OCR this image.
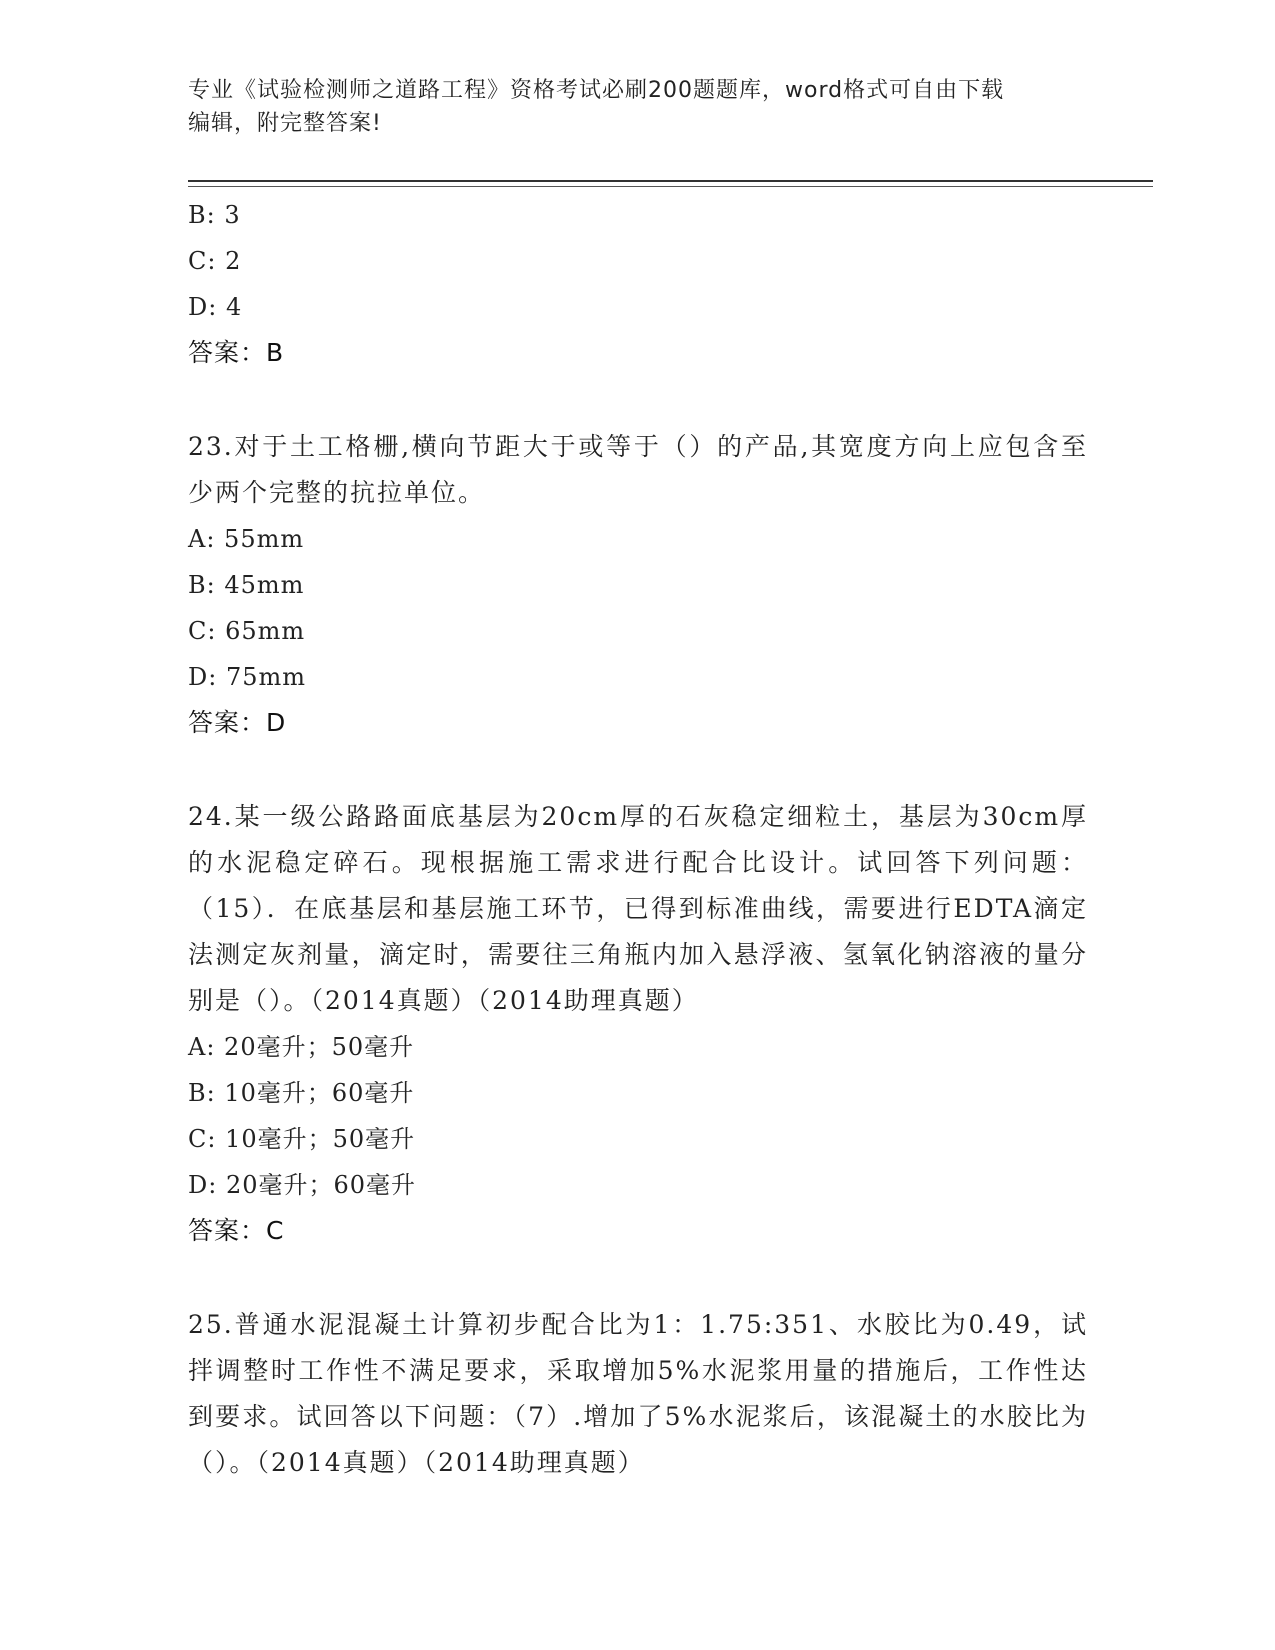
专业《试验检测师之道路工程》资格考试必刷200题题库，word格式可自由下载
编辑，附完整答案!
B: 3
C: 2
D: 4
答案：B
23.对于土工格栅,横向节距大于或等于（）的产品,其宽度方向上应包含至少两个完整的抗拉单位。
A: 55mm
B: 45mm
C: 65mm
D: 75mm
答案：D
24.某一级公路路面底基层为20cm厚的石灰稳定细粒土，基层为30cm厚的水泥稳定碎石。现根据施工需求进行配合比设计。试回答下列问题：（15）．在底基层和基层施工环节，已得到标准曲线，需要进行EDTA滴定法测定灰剂量，滴定时，需要往三角瓶内加入悬浮液、氢氧化钠溶液的量分别是（）。（2014真题）（2014助理真题）
A: 20毫升；50毫升
B: 10毫升；60毫升
C: 10毫升；50毫升
D: 20毫升；60毫升
答案：C
25.普通水泥混凝土计算初步配合比为1：1.75:351、水胶比为0.49，试拌调整时工作性不满足要求，采取增加5%水泥浆用量的措施后，工作性达到要求。试回答以下问题：（7）.增加了5%水泥浆后，该混凝土的水胶比为（）。（2014真题）（2014助理真题）
